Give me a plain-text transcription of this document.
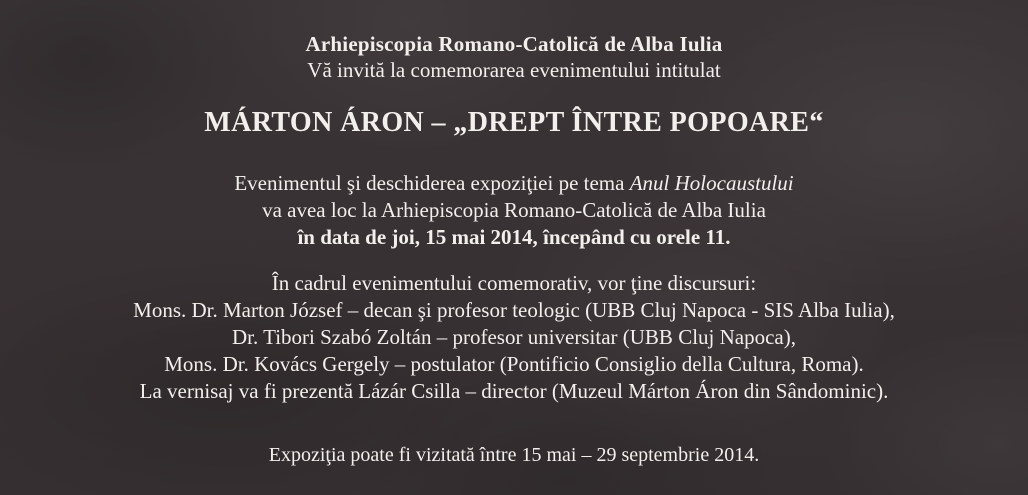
Arhiepiscopia Romano-Catolică de Alba Iulia
Vă invită la comemorarea evenimentului intitulat
MÁRTON ÁRON – „DREPT ÎNTRE POPOARE“
Evenimentul şi deschiderea expoziţiei pe tema Anul Holocaustului
va avea loc la Arhiepiscopia Romano-Catolică de Alba Iulia
în data de joi, 15 mai 2014, începând cu orele 11.
În cadrul evenimentului comemorativ, vor ţine discursuri:
Mons. Dr. Marton József – decan şi profesor teologic (UBB Cluj Napoca - SIS Alba Iulia),
Dr. Tibori Szabó Zoltán – profesor universitar (UBB Cluj Napoca),
Mons. Dr. Kovács Gergely – postulator (Pontificio Consiglio della Cultura, Roma).
La vernisaj va fi prezentă Lázár Csilla – director (Muzeul Márton Áron din Sândominic).
Expoziţia poate fi vizitată între 15 mai – 29 septembrie 2014.
